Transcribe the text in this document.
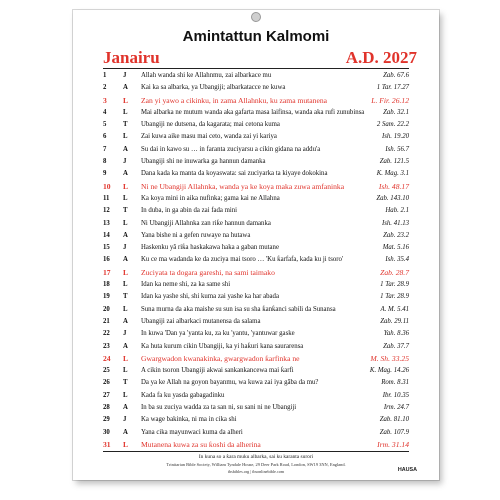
Amintattun Kalmomi
Janairu	A.D. 2027
1	J	Allah wanda shi ke Allahnmu, zai albarkace mu	Zab. 67.6
2	A	Kai ka sa albarka, ya Ubangiji; albarkatacce ne kuwa	1 Tar. 17.27
3	L	Zan yi yawo a cikinku, in zama Allahnku, ku zama mutanena	L. Fir. 26.12
4	L	Mai albarka ne mutum wanda aka gafarta masa laifinsa, wanda aka rufi zunubinsa	Zab. 32.1
5	T	Ubangiji ne dutsena, da kagarata; mai cetona kuma	2 Sam. 22.2
6	L	Zai kuwa aike masu mai ceto, wanda zai yi kariya	Ish. 19.20
7	A	Su dai in kawo su … in faranta zuciyarsu a cikin gidana na addu'a	Ish. 56.7
8	J	Ubangiji shi ne inuwarka ga hannun damanka	Zab. 121.5
9	A	Dana kada ka manta da koyaswata: sai zuciyarka ta kiyaye dokokina	K. Mag. 3.1
10	L	Ni ne Ubangiji Allahnka, wanda ya ke koya maka zuwa amfaninka	Ish. 48.17
11	L	Ka koya mini in aika nufinka; gama kai ne Allahna	Zab. 143.10
12	T	In duba, in ga abin da zai fada mini	Hab. 2.1
13	L	Ni Ubangiji Allahnka zan riƙe hannun damanka	Ish. 41.13
14	A	Yana bishe ni a gefen ruwaye na hutawa	Zab. 23.2
15	J	Haskenku yă riƙa haskakawa haka a gaban mutane	Mat. 5.16
16	A	Ku ce ma wadanda ke da zuciya mai tsoro … 'Ku ƙarfafa, kada ku ji tsoro'	Ish. 35.4
17	L	Zuciyata ta dogara gareshi, na sami taimako	Zab. 28.7
18	L	Idan ka neme shi, za ka same shi	1 Tar. 28.9
19	T	Idan ka yashe shi, shi kuma zai yashe ka har abada	1 Tar. 28.9
20	L	Suna murna da aka maishe su sun isa su sha ƙanƙanci sabili da Sunansa	A. M. 5.41
21	A	Ubangiji zai albarkaci mutanensa da salama	Zab. 29.11
22	J	In kuwa 'Dan ya 'yanta ku, za ku 'yantu, 'yantuwar gaske	Yah. 8.36
23	A	Ka huta kurum cikin Ubangiji, ka yi haƙuri kana saurarensa	Zab. 37.7
24	L	Gwargwadon kwanakinka, gwargwadon ƙarfinka ne	M. Sh. 33.25
25	L	A cikin tsoron Ubangiji akwai sankankancewa mai ƙarfi	K. Mag. 14.26
26	T	Da ya ke Allah na goyon bayanmu, wa kuwa zai iya gāba da mu?	Rom. 8.31
27	L	Kada fa ku yasda gabagadinku	Ibr. 10.35
28	A	In ba su zuciya wadda za ta san ni, su sani ni ne Ubangiji	Irm. 24.7
29	J	Ka wage bakinka, ni ma in cika shi	Zab. 81.10
30	A	Yana cika mayunwaci kuma da alheri	Zab. 107.9
31	L	Mutanena kuwa za su ƙoshi da alherina	Irm. 31.14
In kuna so a ƙara muku albarka, sai ku karanta surori
Trinitarian Bible Society, William Tyndale House, 29 Deer Park Road, London, SW19 3NN, England.
tbsbibles.org | tbsonlinebible.com	HAUSA
